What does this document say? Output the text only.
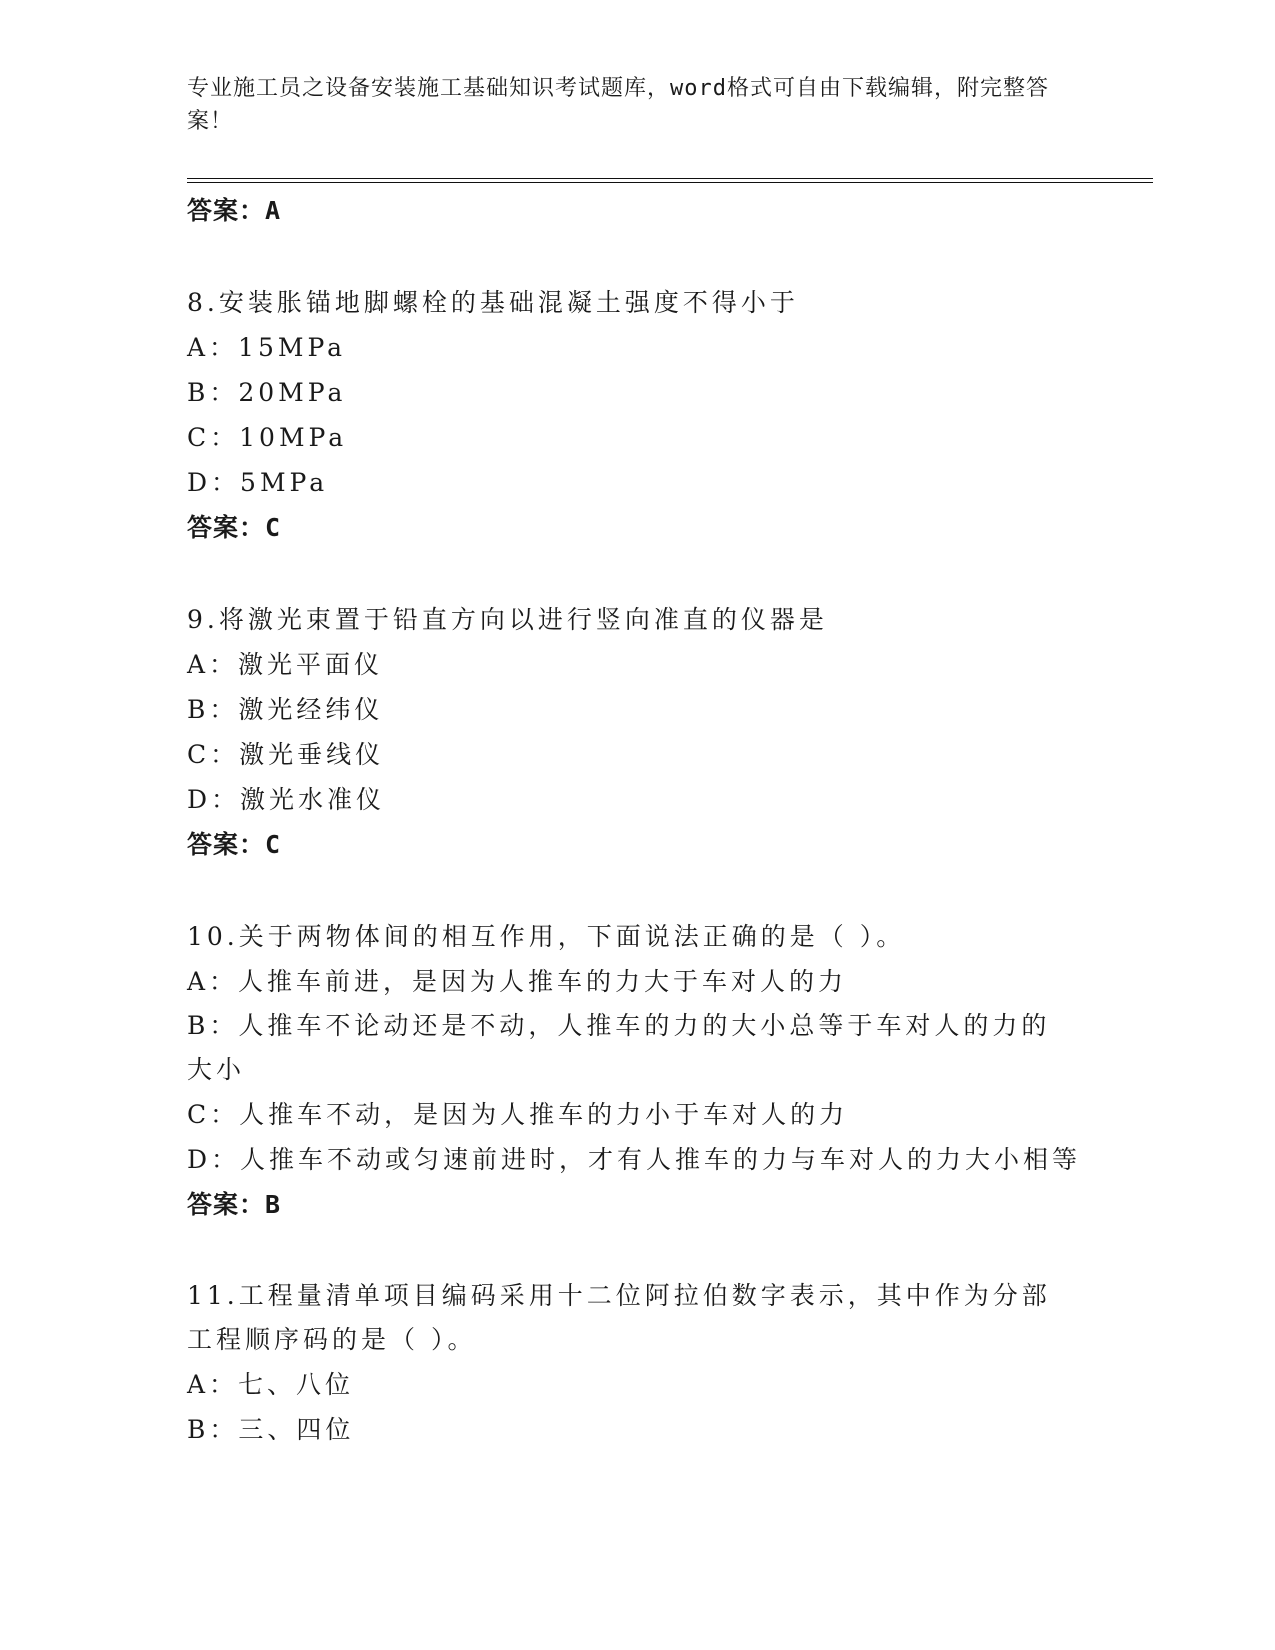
专业施工员之设备安装施工基础知识考试题库，word格式可自由下载编辑，附完整答案！
答案：A
8.安装胀锚地脚螺栓的基础混凝土强度不得小于
A：15MPa
B：20MPa
C：10MPa
D：5MPa
答案：C
9.将激光束置于铅直方向以进行竖向准直的仪器是
A：激光平面仪
B：激光经纬仪
C：激光垂线仪
D：激光水准仪
答案：C
10.关于两物体间的相互作用，下面说法正确的是（ ）。
A：人推车前进，是因为人推车的力大于车对人的力
B：人推车不论动还是不动，人推车的力的大小总等于车对人的力的大小
C：人推车不动，是因为人推车的力小于车对人的力
D：人推车不动或匀速前进时，才有人推车的力与车对人的力大小相等
答案：B
11.工程量清单项目编码采用十二位阿拉伯数字表示，其中作为分部工程顺序码的是（ ）。
A：七、八位
B：三、四位
